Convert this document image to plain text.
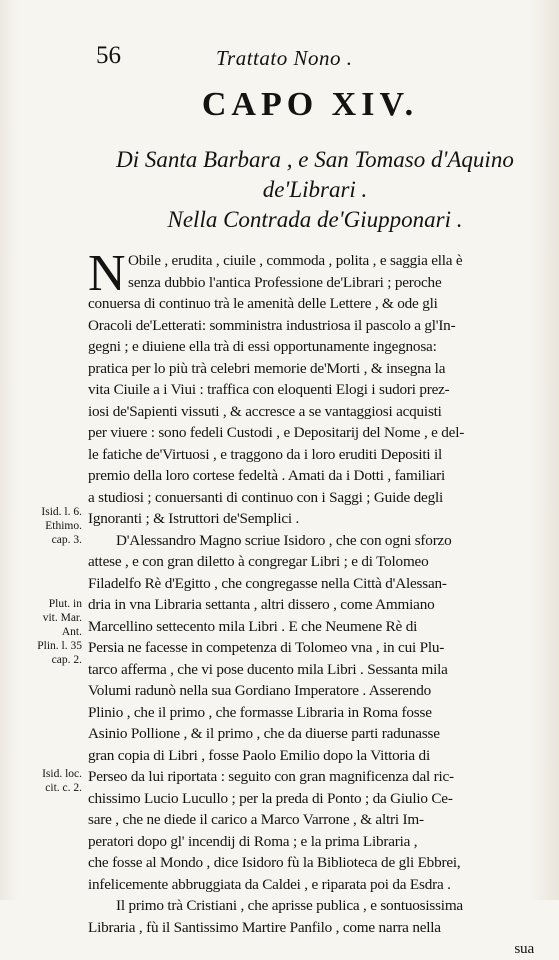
56	Trattato Nono .
CAPO XIV.
Di Santa Barbara , e San Tomaso d'Aquino
de'Librari .
Nella Contrada de'Giupponari .
N Obile , erudita , ciuile , commoda , polita , e saggia ella è
senza dubbio l'antica Professione de'Librari ; peroche
conuersa di continuo trà le amenità delle Lettere , & ode gli
Oracoli de'Letterati: somministra industriosa il pascolo a gl'In-
gegni ; e diuiene ella trà di essi opportunamente ingegnosa:
pratica per lo più trà celebri memorie de'Morti , & insegna la
vita Ciuile a i Viui : traffica con eloquenti Elogi i sudori prez-
iosi de'Sapienti vissuti , & accresce a se vantaggiosi acquisti
per viuere : sono fedeli Custodi , e Depositarij del Nome , e del-
le fatiche de'Virtuosi , e traggono da i loro eruditi Depositi il
premio della loro cortese fedeltà . Amati da i Dotti , familiari
a studiosi ; conuersanti di continuo con i Saggi ; Guide degli
Ignoranti ; & Istruttori de'Semplici .
D'Alessandro Magno scriue Isidoro , che con ogni sforzo
attese , e con gran diletto à congregar Libri ; e di Tolomeo
Filadelfo Rè d'Egitto , che congregasse nella Città d'Alessan-
dria in vna Libraria settanta , altri dissero , come Ammiano
Marcellino settecento mila Libri . E che Neumene Rè di
Persia ne facesse in competenza di Tolomeo vna , in cui Plu-
tarco afferma , che vi pose ducento mila Libri . Sessanta mila
Volumi radunò nella sua Gordiano Imperatore . Asserendo
Plinio , che il primo , che formasse Libraria in Roma fosse
Asinio Pollione , & il primo , che da diuerse parti radunasse
gran copia di Libri , fosse Paolo Emilio dopo la Vittoria di
Perseo da lui riportata : seguito con gran magnificenza dal ric-
chissimo Lucio Lucullo ; per la preda di Ponto ; da Giulio Ce-
sare , che ne diede il carico a Marco Varrone , & altri Im-
peratori dopo gl' incendij di Roma ; e la prima Libraria ,
che fosse al Mondo , dice Isidoro fù la Biblioteca de gli Ebbrei,
infelicemente abbruggiata da Caldei , e riparata poi da Esdra .
Il primo trà Cristiani , che aprisse publica , e sontuosissima
Libraria , fù il Santissimo Martire Panfilo , come narra nella
sua
Isid. l. 6.
Ethimo.
cap. 3.
Plut. in
vit. Mar.
Ant.
Plin. l. 35
cap. 2.
Isid. loc.
cit. c. 2.
